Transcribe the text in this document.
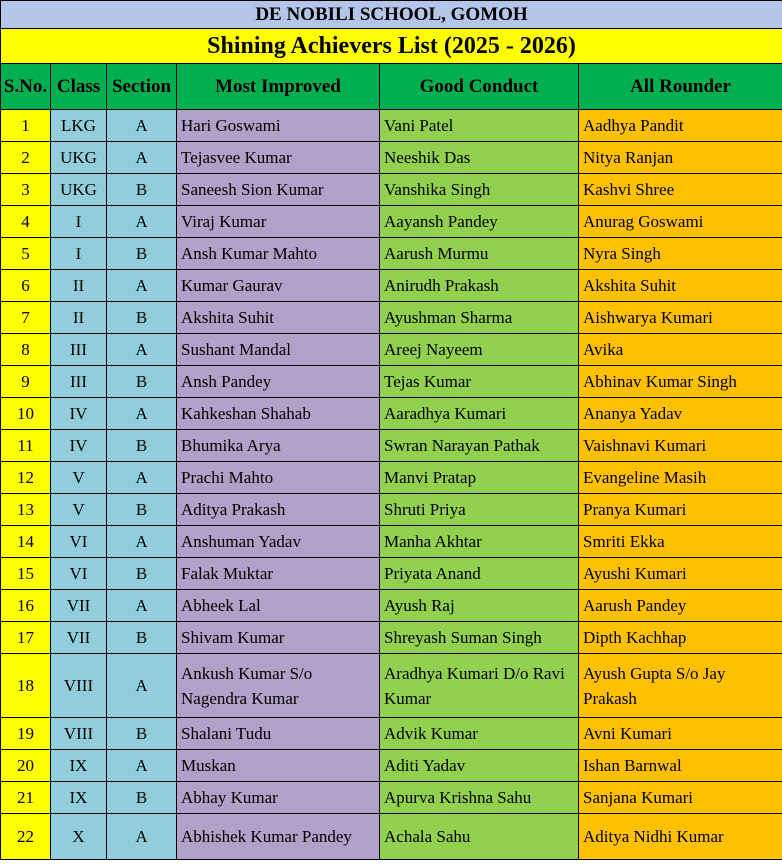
DE NOBILI SCHOOL, GOMOH					
Shining Achievers List (2025 - 2026)					
S.No.	Class	Section	Most Improved	Good Conduct	All Rounder
1	LKG	A	Hari Goswami	Vani Patel	Aadhya Pandit
2	UKG	A	Tejasvee Kumar	Neeshik Das	Nitya Ranjan
3	UKG	B	Saneesh Sion Kumar	Vanshika Singh	Kashvi Shree
4	I	A	Viraj Kumar	Aayansh Pandey	Anurag Goswami
5	I	B	Ansh Kumar Mahto	Aarush Murmu	Nyra Singh
6	II	A	Kumar Gaurav	Anirudh Prakash	Akshita Suhit
7	II	B	Akshita Suhit	Ayushman Sharma	Aishwarya Kumari
8	III	A	Sushant Mandal	Areej Nayeem	Avika
9	III	B	Ansh Pandey	Tejas Kumar	Abhinav Kumar Singh
10	IV	A	Kahkeshan Shahab	Aaradhya Kumari	Ananya Yadav
11	IV	B	Bhumika Arya	Swran Narayan Pathak	Vaishnavi Kumari
12	V	A	Prachi Mahto	Manvi Pratap	Evangeline Masih
13	V	B	Aditya Prakash	Shruti Priya	Pranya Kumari
14	VI	A	Anshuman Yadav	Manha Akhtar	Smriti Ekka
15	VI	B	Falak Muktar	Priyata Anand	Ayushi Kumari
16	VII	A	Abheek Lal	Ayush Raj	Aarush Pandey
17	VII	B	Shivam Kumar	Shreyash Suman Singh	Dipth Kachhap
18	VIII	A	Ankush Kumar S/o Nagendra Kumar	Aradhya Kumari D/o Ravi Kumar	Ayush Gupta S/o Jay Prakash
19	VIII	B	Shalani Tudu	Advik Kumar	Avni Kumari
20	IX	A	Muskan	Aditi Yadav	Ishan Barnwal
21	IX	B	Abhay Kumar	Apurva Krishna Sahu	Sanjana Kumari
22	X	A	Abhishek Kumar Pandey	Achala Sahu	Aditya Nidhi Kumar
